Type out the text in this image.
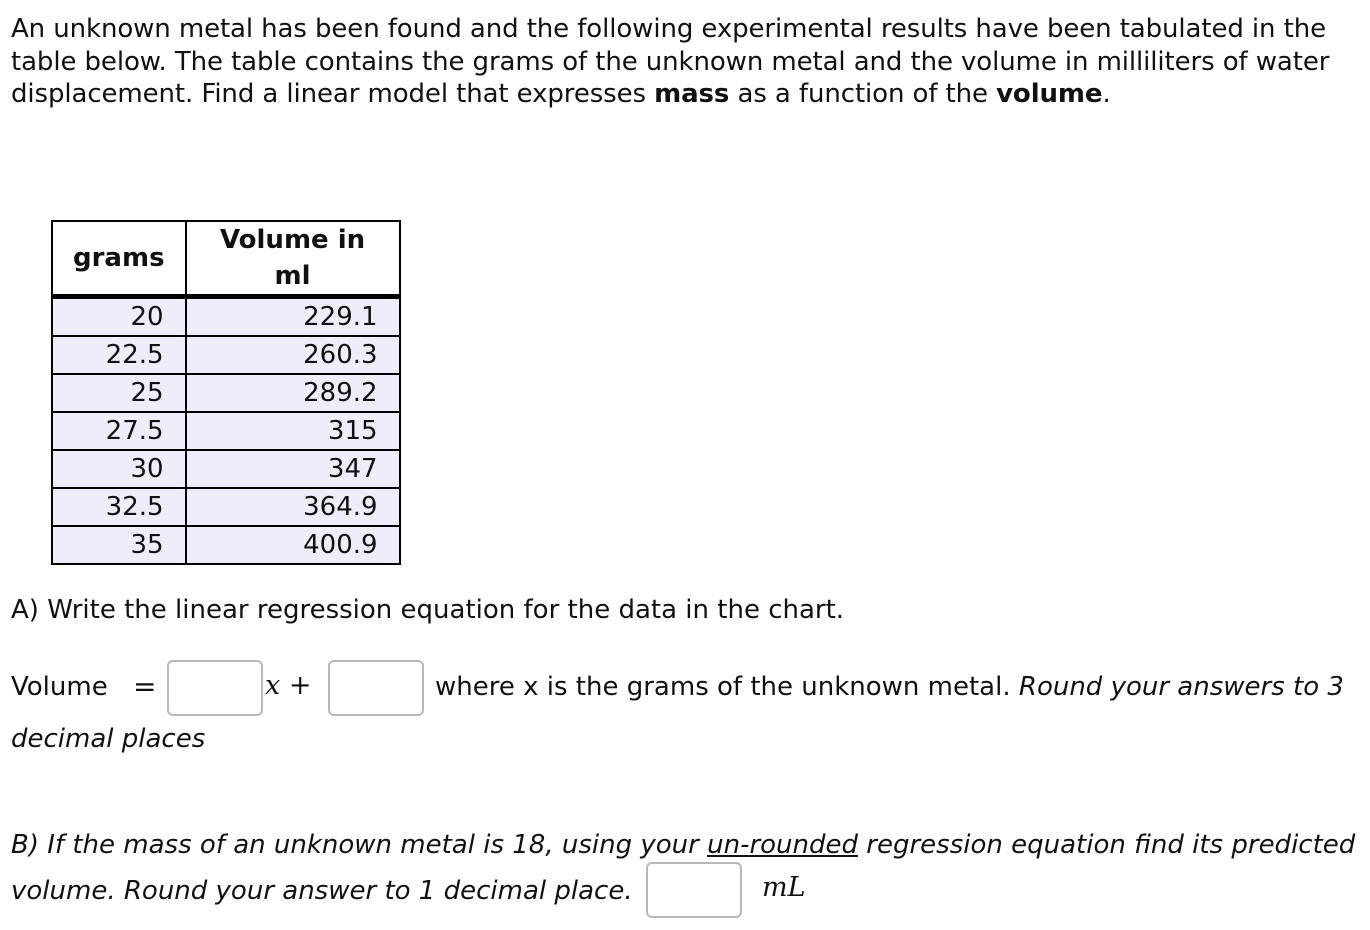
An unknown metal has been found and the following experimental results have been tabulated in the table below. The table contains the grams of the unknown metal and the volume in milliliters of water displacement. Find a linear model that expresses mass as a function of the volume.
grams	Volume in ml
20	229.1
22.5	260.3
25	289.2
27.5	315
30	347
32.5	364.9
35	400.9
A) Write the linear regression equation for the data in the chart.
Volume =	x +	where x is the grams of the unknown metal. Round your answers to 3
decimal places
B) If the mass of an unknown metal is 18, using your un-rounded regression equation find its predicted
volume. Round your answer to 1 decimal place.	mL
